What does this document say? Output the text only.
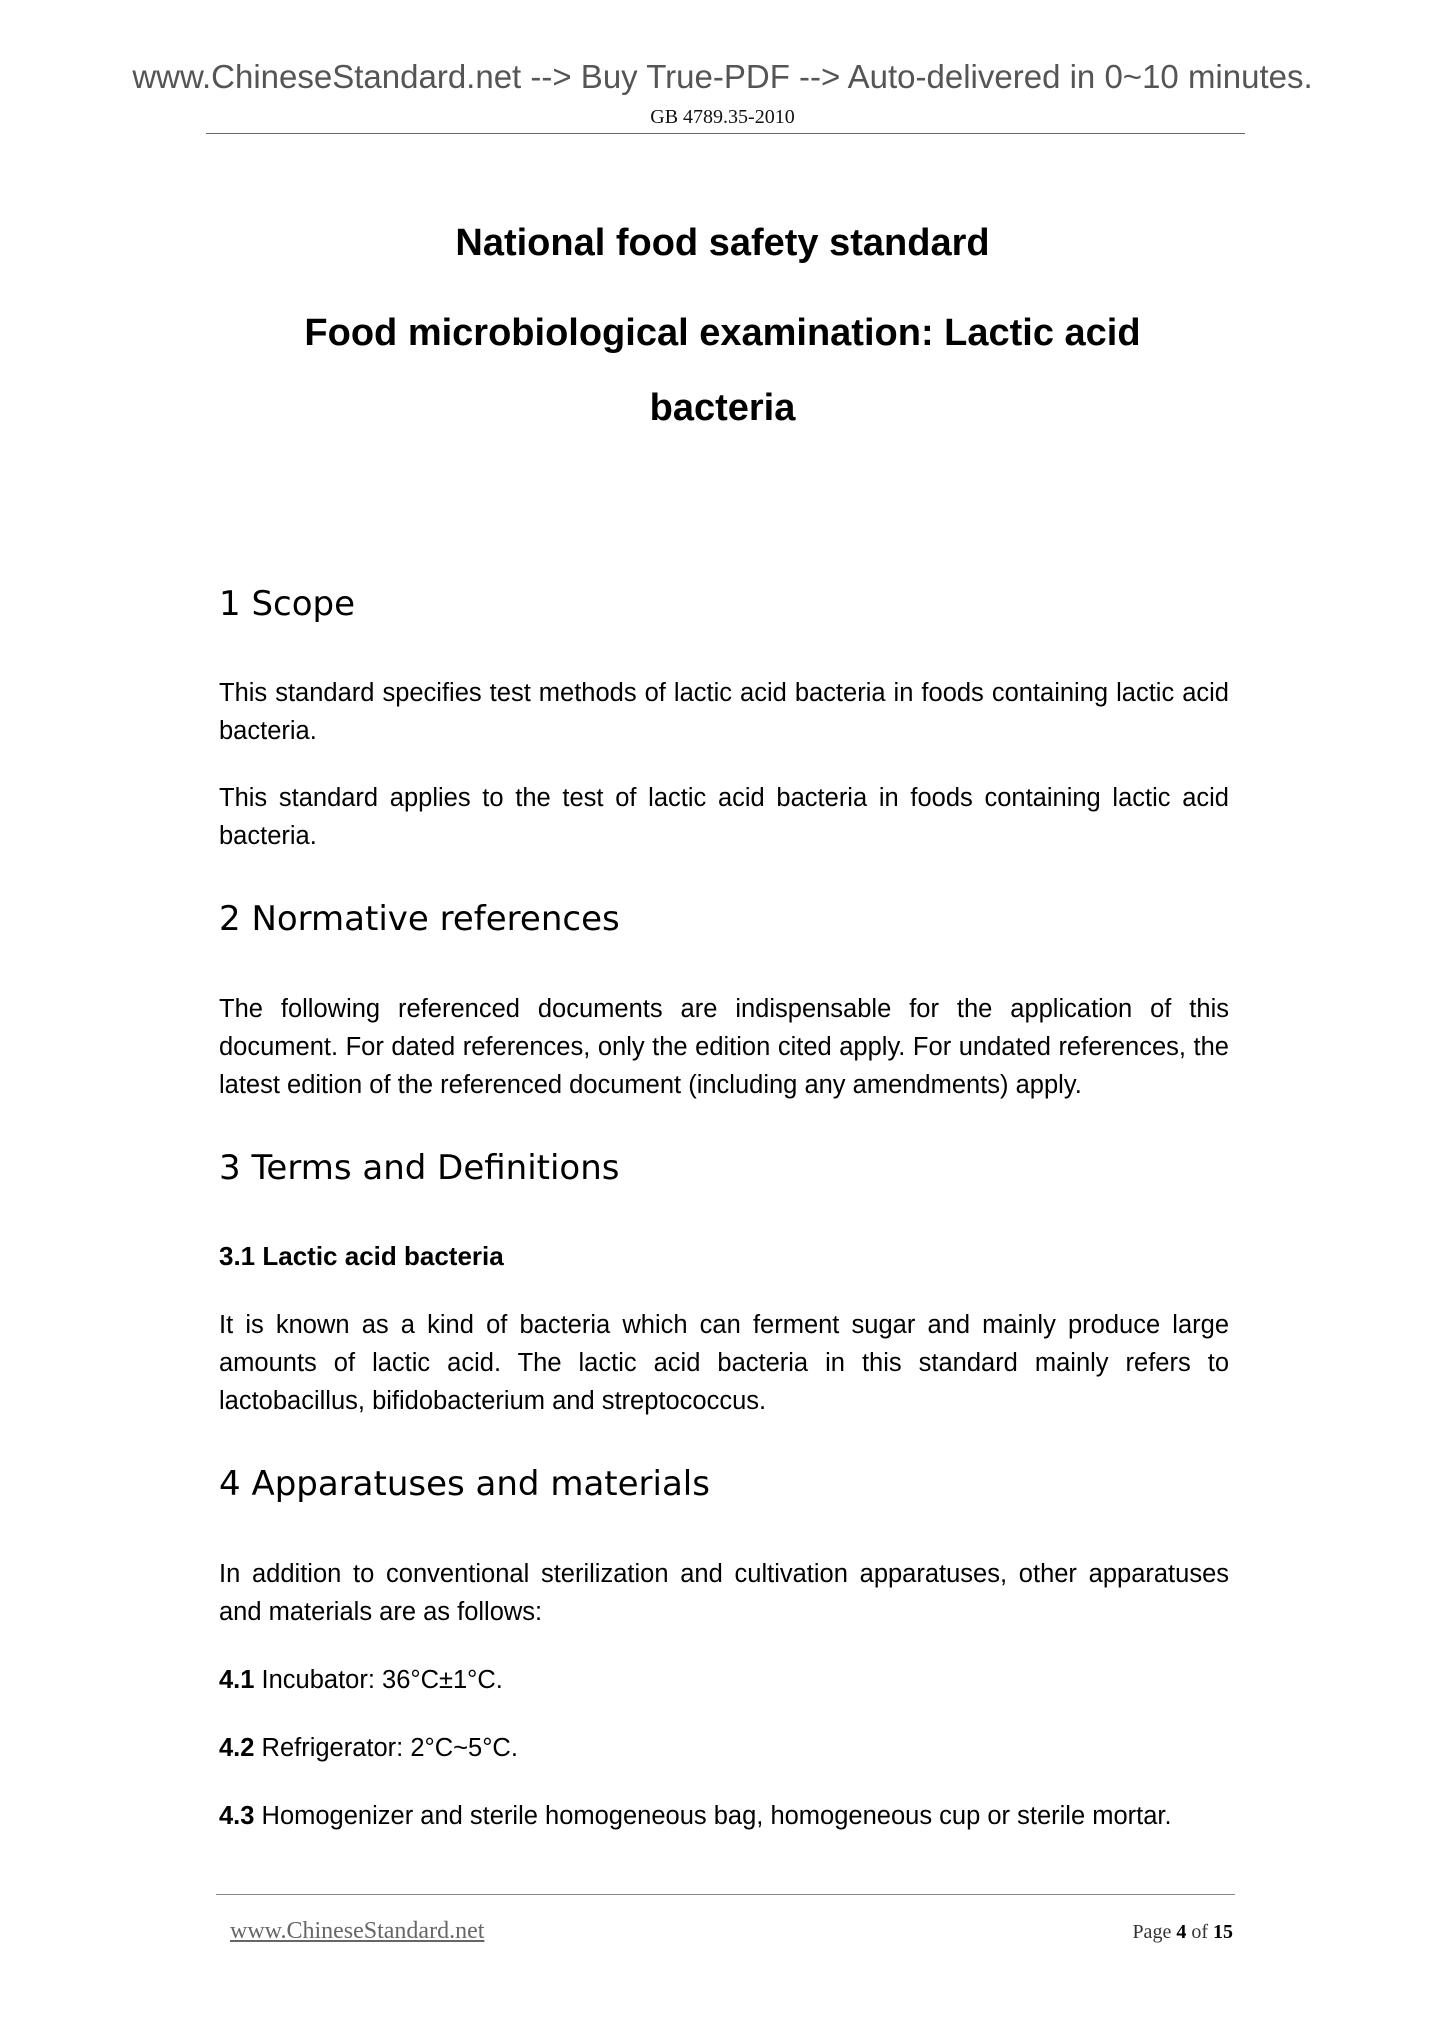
www.ChineseStandard.net --> Buy True-PDF --> Auto-delivered in 0~10 minutes.
GB 4789.35-2010
National food safety standard
Food microbiological examination: Lactic acid
bacteria
1 Scope
This standard specifies test methods of lactic acid bacteria in foods containing lactic acid bacteria.
This standard applies to the test of lactic acid bacteria in foods containing lactic acid bacteria.
2 Normative references
The following referenced documents are indispensable for the application of this document. For dated references, only the edition cited apply. For undated references, the latest edition of the referenced document (including any amendments) apply.
3 Terms and Definitions
3.1 Lactic acid bacteria
It is known as a kind of bacteria which can ferment sugar and mainly produce large amounts of lactic acid. The lactic acid bacteria in this standard mainly refers to lactobacillus, bifidobacterium and streptococcus.
4 Apparatuses and materials
In addition to conventional sterilization and cultivation apparatuses, other apparatuses and materials are as follows:
4.1 Incubator: 36°C±1°C.
4.2 Refrigerator: 2°C~5°C.
4.3 Homogenizer and sterile homogeneous bag, homogeneous cup or sterile mortar.
www.ChineseStandard.net	Page 4 of 15
